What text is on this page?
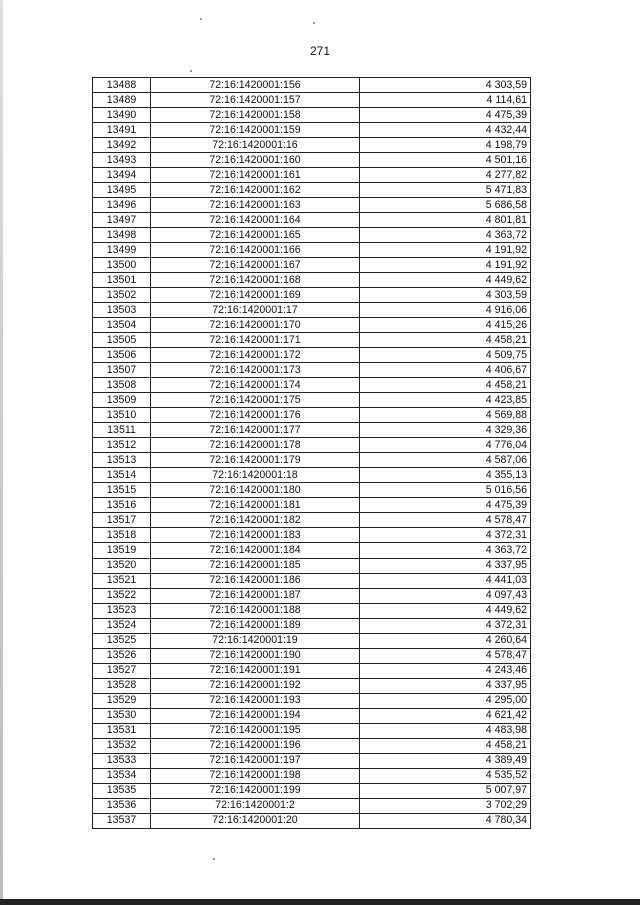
271
13488	72:16:1420001:156	4 303,59
13489	72:16:1420001:157	4 114,61
13490	72:16:1420001:158	4 475,39
13491	72:16:1420001:159	4 432,44
13492	72:16:1420001:16	4 198,79
13493	72:16:1420001:160	4 501,16
13494	72:16:1420001:161	4 277,82
13495	72:16:1420001:162	5 471,83
13496	72:16:1420001:163	5 686,58
13497	72:16:1420001:164	4 801,81
13498	72:16:1420001:165	4 363,72
13499	72:16:1420001:166	4 191,92
13500	72:16:1420001:167	4 191,92
13501	72:16:1420001:168	4 449,62
13502	72:16:1420001:169	4 303,59
13503	72:16:1420001:17	4 916,06
13504	72:16:1420001:170	4 415,26
13505	72:16:1420001:171	4 458,21
13506	72:16:1420001:172	4 509,75
13507	72:16:1420001:173	4 406,67
13508	72:16:1420001:174	4 458,21
13509	72:16:1420001:175	4 423,85
13510	72:16:1420001:176	4 569,88
13511	72:16:1420001:177	4 329,36
13512	72:16:1420001:178	4 776,04
13513	72:16:1420001:179	4 587,06
13514	72:16:1420001:18	4 355,13
13515	72:16:1420001:180	5 016,56
13516	72:16:1420001:181	4 475,39
13517	72:16:1420001:182	4 578,47
13518	72:16:1420001:183	4 372,31
13519	72:16:1420001:184	4 363,72
13520	72:16:1420001:185	4 337,95
13521	72:16:1420001:186	4 441,03
13522	72:16:1420001:187	4 097,43
13523	72:16:1420001:188	4 449,62
13524	72:16:1420001:189	4 372,31
13525	72:16:1420001:19	4 260,64
13526	72:16:1420001:190	4 578,47
13527	72:16:1420001:191	4 243,46
13528	72:16:1420001:192	4 337,95
13529	72:16:1420001:193	4 295,00
13530	72:16:1420001:194	4 621,42
13531	72:16:1420001:195	4 483,98
13532	72:16:1420001:196	4 458,21
13533	72:16:1420001:197	4 389,49
13534	72:16:1420001:198	4 535,52
13535	72:16:1420001:199	5 007,97
13536	72:16:1420001:2	3 702,29
13537	72:16:1420001:20	4 780,34
